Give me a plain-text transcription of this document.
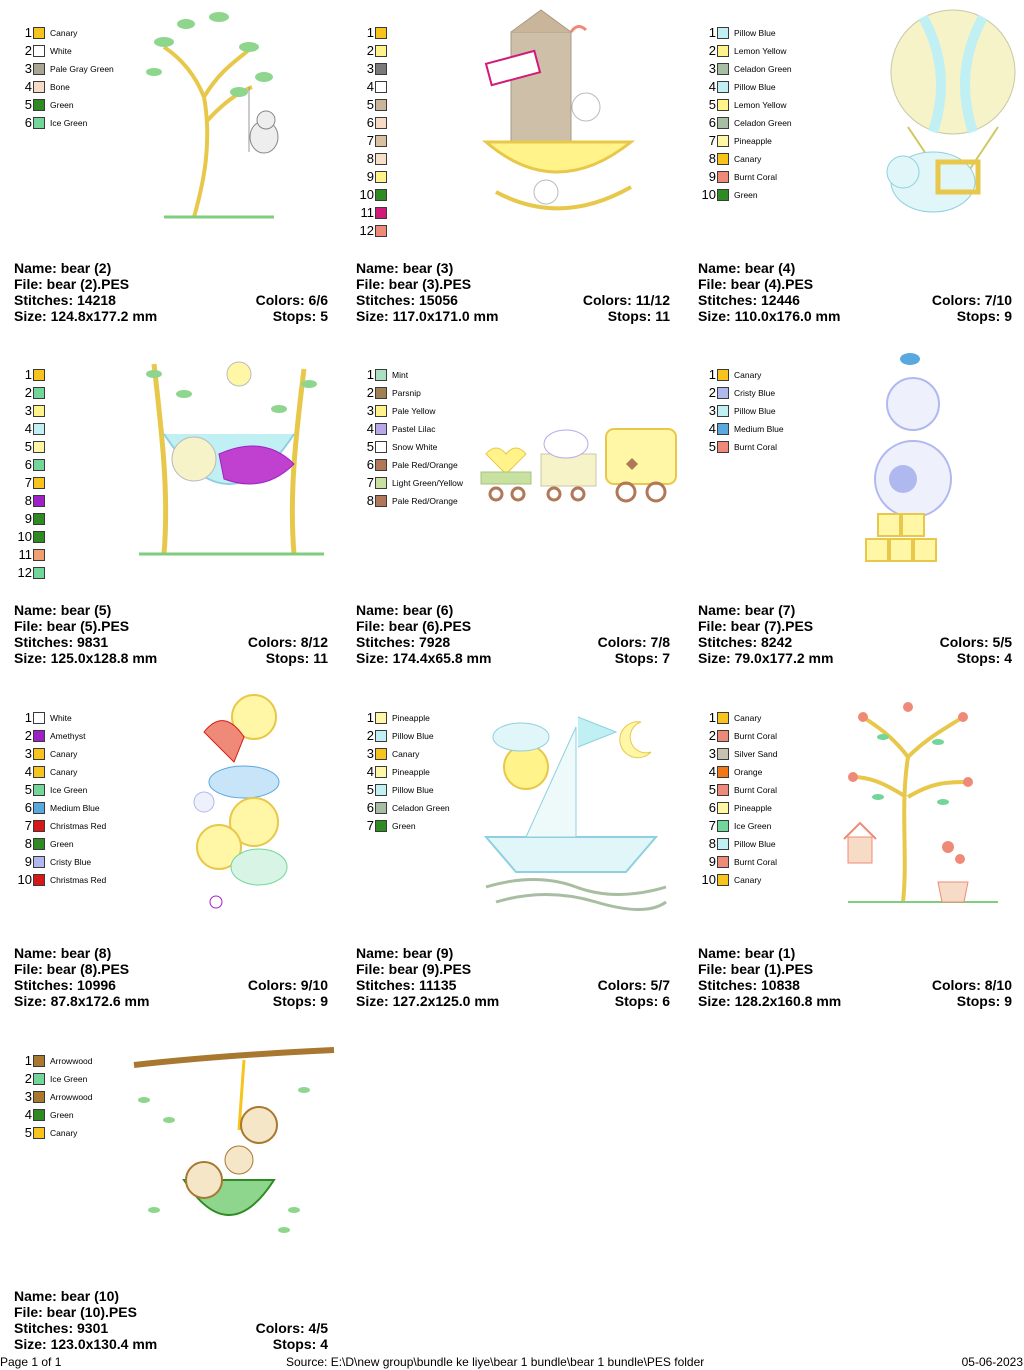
1 Canary
2 White
3 Pale Gray Green
4 Bone
5 Green
6 Ice Green
Name: bear (2)
File: bear (2).PES
Stitches: 14218	Colors: 6/6
Size: 124.8x177.2 mm	Stops: 5
1
2
3
4
5
6
7
8
9
10
11
12
Name: bear (3)
File: bear (3).PES
Stitches: 15056	Colors: 11/12
Size: 117.0x171.0 mm	Stops: 11
1 Pillow Blue
2 Lemon Yellow
3 Celadon Green
4 Pillow Blue
5 Lemon Yellow
6 Celadon Green
7 Pineapple
8 Canary
9 Burnt Coral
10 Green
Name: bear (4)
File: bear (4).PES
Stitches: 12446	Colors: 7/10
Size: 110.0x176.0 mm	Stops: 9
1
2
3
4
5
6
7
8
9
10
11
12
Name: bear (5)
File: bear (5).PES
Stitches: 9831	Colors: 8/12
Size: 125.0x128.8 mm	Stops: 11
1 Mint
2 Parsnip
3 Pale Yellow
4 Pastel Lilac
5 Snow White
6 Pale Red/Orange
7 Light Green/Yellow
8 Pale Red/Orange
Name: bear (6)
File: bear (6).PES
Stitches: 7928	Colors: 7/8
Size: 174.4x65.8 mm	Stops: 7
1 Canary
2 Cristy Blue
3 Pillow Blue
4 Medium Blue
5 Burnt Coral
Name: bear (7)
File: bear (7).PES
Stitches: 8242	Colors: 5/5
Size: 79.0x177.2 mm	Stops: 4
1 White
2 Amethyst
3 Canary
4 Canary
5 Ice Green
6 Medium Blue
7 Christmas Red
8 Green
9 Cristy Blue
10 Christmas Red
Name: bear (8)
File: bear (8).PES
Stitches: 10996	Colors: 9/10
Size: 87.8x172.6 mm	Stops: 9
1 Pineapple
2 Pillow Blue
3 Canary
4 Pineapple
5 Pillow Blue
6 Celadon Green
7 Green
Name: bear (9)
File: bear (9).PES
Stitches: 11135	Colors: 5/7
Size: 127.2x125.0 mm	Stops: 6
1 Canary
2 Burnt Coral
3 Silver Sand
4 Orange
5 Burnt Coral
6 Pineapple
7 Ice Green
8 Pillow Blue
9 Burnt Coral
10 Canary
Name: bear (1)
File: bear (1).PES
Stitches: 10838	Colors: 8/10
Size: 128.2x160.8 mm	Stops: 9
1 Arrowwood
2 Ice Green
3 Arrowwood
4 Green
5 Canary
Name: bear (10)
File: bear (10).PES
Stitches: 9301	Colors: 4/5
Size: 123.0x130.4 mm	Stops: 4
Page 1 of 1	Source: E:\D\new group\bundle ke liye\bear 1 bundle\bear 1 bundle\PES folder	05-06-2023
